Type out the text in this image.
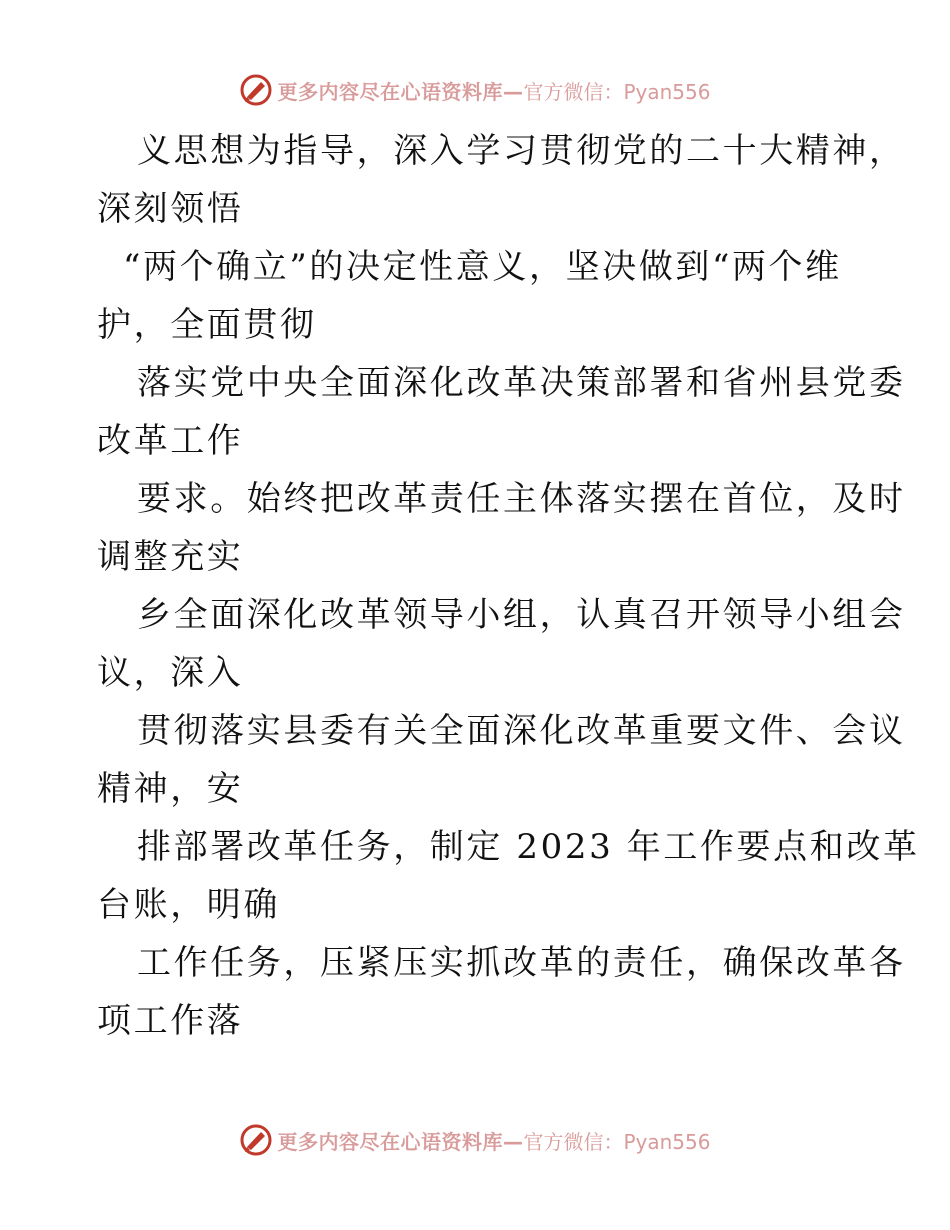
更多内容尽在心语资料库— 官方微信：Pyan556
义思想为指导，深入学习贯彻党的二十大精神，
深刻领悟
“两个确立”的决定性意义，坚决做到“两个维
护，全面贯彻
落实党中央全面深化改革决策部署和省州县党委
改革工作
要求。始终把改革责任主体落实摆在首位，及时
调整充实
乡全面深化改革领导小组，认真召开领导小组会
议，深入
贯彻落实县委有关全面深化改革重要文件、会议
精神，安
排部署改革任务，制定 2023 年工作要点和改革
台账，明确
工作任务，压紧压实抓改革的责任，确保改革各
项工作落
更多内容尽在心语资料库— 官方微信：Pyan556
